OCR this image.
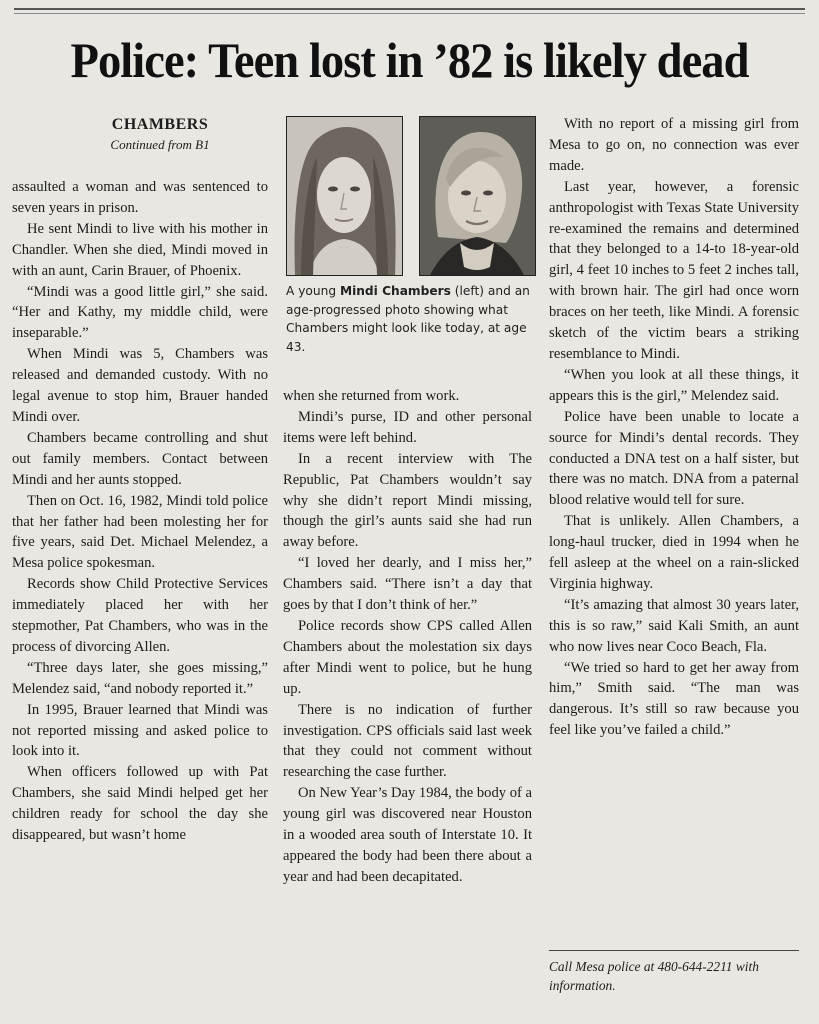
Police: Teen lost in ’82 is likely dead
CHAMBERS
Continued from B1

assaulted a woman and was sentenced to seven years in prison.

He sent Mindi to live with his mother in Chandler. When she died, Mindi moved in with an aunt, Carin Brauer, of Phoenix.

“Mindi was a good little girl,” she said. “Her and Kathy, my middle child, were inseparable.”

When Mindi was 5, Chambers was released and demanded custody. With no legal avenue to stop him, Brauer handed Mindi over.

Chambers became controlling and shut out family members. Contact between Mindi and her aunts stopped.

Then on Oct. 16, 1982, Mindi told police that her father had been molesting her for five years, said Det. Michael Melendez, a Mesa police spokesman.

Records show Child Protective Services immediately placed her with her stepmother, Pat Chambers, who was in the process of divorcing Allen.

“Three days later, she goes missing,” Melendez said, “and nobody reported it.”

In 1995, Brauer learned that Mindi was not reported missing and asked police to look into it.

When officers followed up with Pat Chambers, she said Mindi helped get her children ready for school the day she disappeared, but wasn’t home

A young Mindi Chambers (left) and an age-progressed photo showing what Chambers might look like today, at age 43.

when she returned from work.

Mindi’s purse, ID and other personal items were left behind.

In a recent interview with The Republic, Pat Chambers wouldn’t say why she didn’t report Mindi missing, though the girl’s aunts said she had run away before.

“I loved her dearly, and I miss her,” Chambers said. “There isn’t a day that goes by that I don’t think of her.”

Police records show CPS called Allen Chambers about the molestation six days after Mindi went to police, but he hung up.

There is no indication of further investigation. CPS officials said last week that they could not comment without researching the case further.

On New Year’s Day 1984, the body of a young girl was discovered near Houston in a wooded area south of Interstate 10. It appeared the body had been there about a year and had been decapitated.

With no report of a missing girl from Mesa to go on, no connection was ever made.

Last year, however, a forensic anthropologist with Texas State University re-examined the remains and determined that they belonged to a 14-to 18-year-old girl, 4 feet 10 inches to 5 feet 2 inches tall, with brown hair. The girl had once worn braces on her teeth, like Mindi. A forensic sketch of the victim bears a striking resemblance to Mindi.

“When you look at all these things, it appears this is the girl,” Melendez said.

Police have been unable to locate a source for Mindi’s dental records. They conducted a DNA test on a half sister, but there was no match. DNA from a paternal blood relative would tell for sure.

That is unlikely. Allen Chambers, a long-haul trucker, died in 1994 when he fell asleep at the wheel on a rain-slicked Virginia highway.

“It’s amazing that almost 30 years later, this is so raw,” said Kali Smith, an aunt who now lives near Coco Beach, Fla.

“We tried so hard to get her away from him,” Smith said. “The man was dangerous. It’s still so raw because you feel like you’ve failed a child.”

Call Mesa police at 480-644-2211 with information.
